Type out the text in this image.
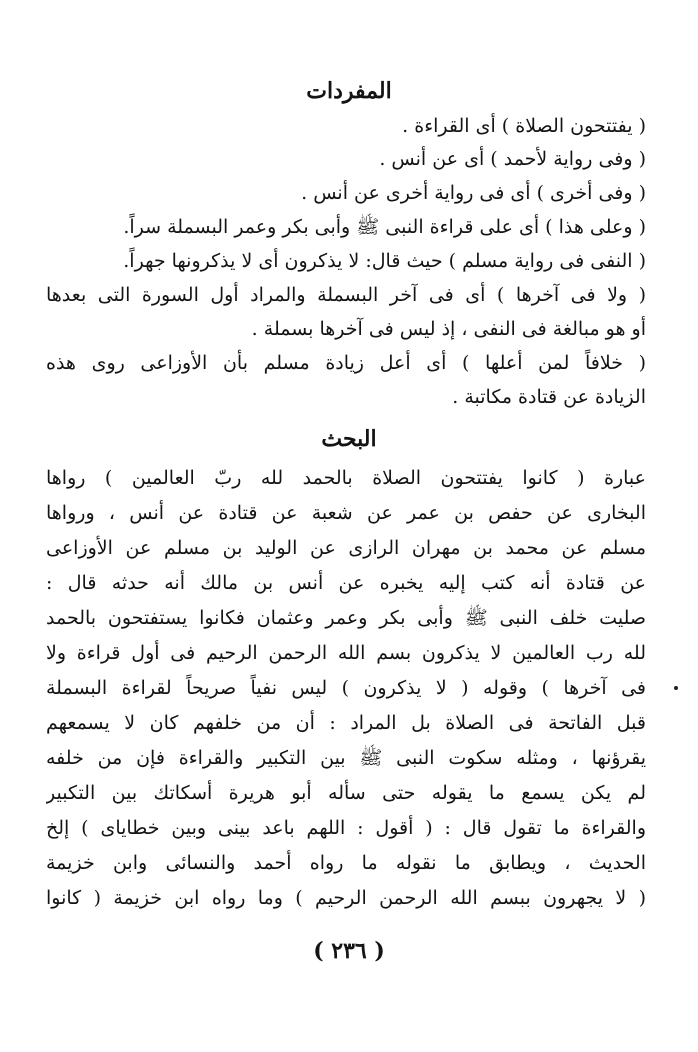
المفردات
( يفتتحون الصلاة ) أى القراءة .
( وفى رواية لأحمد ) أى عن أنس .
( وفى أخرى ) أى فى رواية أخرى عن أنس .
( وعلى هذا ) أى على قراءة النبى ﷺ وأبى بكر وعمر البسملة سراً.
( النفى فى رواية مسلم ) حيث قال: لا يذكرون أى لا يذكرونها جهراً.
( ولا فى آخرها ) أى فى آخر البسملة والمراد أول السورة التى بعدها
أو هو مبالغة فى النفى ، إذ ليس فى آخرها بسملة .
( خلافاً لمن أعلها ) أى أعل زيادة مسلم بأن الأوزاعى روى هذه
الزيادة عن قتادة مكاتبة .
البحث
عبارة ( كانوا يفتتحون الصلاة بالحمد لله ربّ العالمين ) رواها
البخارى عن حفص بن عمر عن شعبة عن قتادة عن أنس ، ورواها
مسلم عن محمد بن مهران الرازى عن الوليد بن مسلم عن الأوزاعى
عن قتادة أنه كتب إليه يخبره عن أنس بن مالك أنه حدثه قال :
صليت خلف النبى ﷺ وأبى بكر وعمر وعثمان فكانوا يستفتحون بالحمد
لله رب العالمين لا يذكرون بسم الله الرحمن الرحيم فى أول قراءة ولا
فى آخرها ) وقوله ( لا يذكرون ) ليس نفياً صريحاً لقراءة البسملة
قبل الفاتحة فى الصلاة بل المراد : أن من خلفهم كان لا يسمعهم
يقرؤنها ، ومثله سكوت النبى ﷺ بين التكبير والقراءة فإن من خلفه
لم يكن يسمع ما يقوله حتى سأله أبو هريرة أسكاتك بين التكبير
والقراءة ما تقول قال : ( أقول : اللهم باعد بينى وبين خطاياى ) إلخ
الحديث ، ويطابق ما نقوله ما رواه أحمد والنسائى وابن خزيمة
( لا يجهرون ببسم الله الرحمن الرحيم ) وما رواه ابن خزيمة ( كانوا
( ٢٣٦ )
